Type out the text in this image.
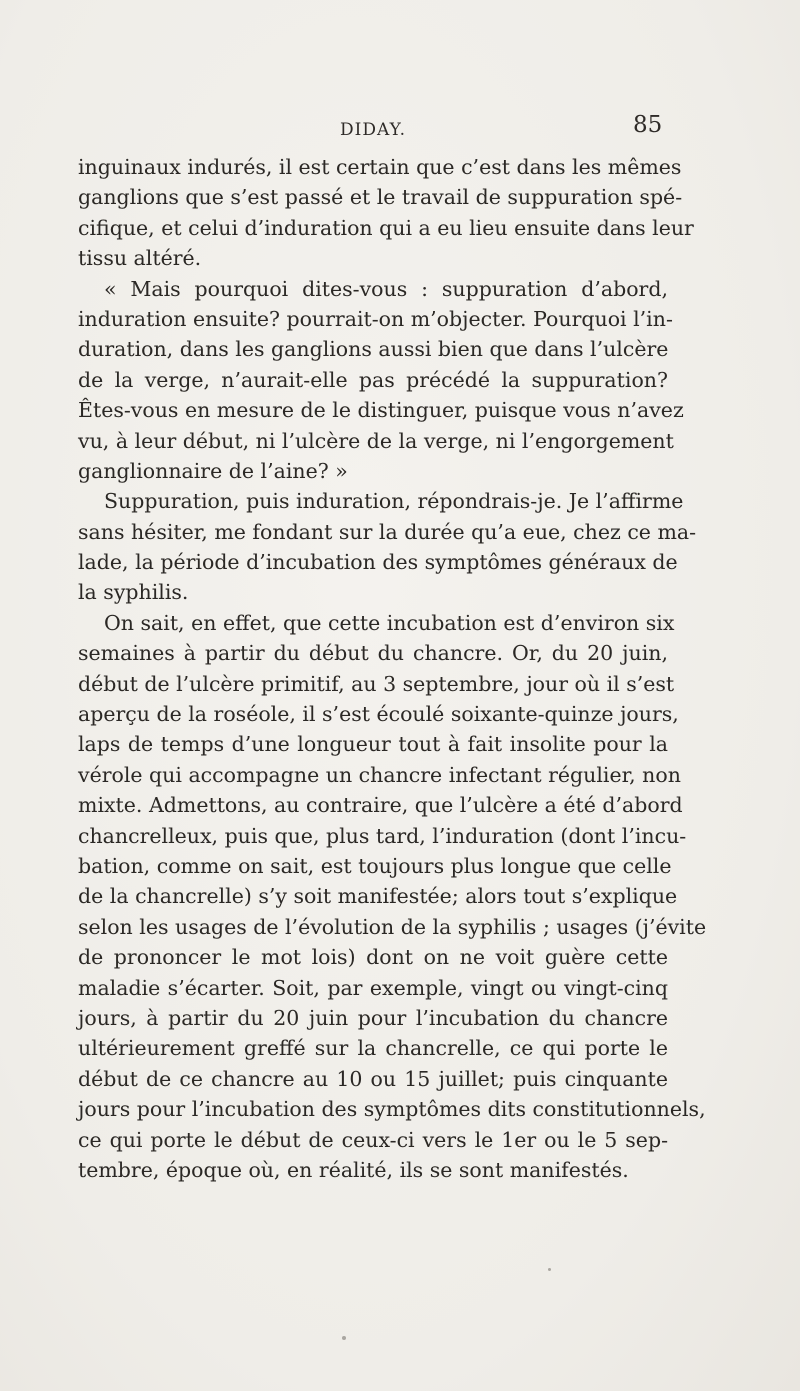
DIDAY.	85
inguinaux indurés, il est certain que c’est dans les mêmes
ganglions que s’est passé et le travail de suppuration spé-
cifique, et celui d’induration qui a eu lieu ensuite dans leur
tissu altéré.
« Mais pourquoi dites-vous : suppuration d’abord,
induration ensuite? pourrait-on m’objecter. Pourquoi l’in-
duration, dans les ganglions aussi bien que dans l’ulcère
de la verge, n’aurait-elle pas précédé la suppuration?
Êtes-vous en mesure de le distinguer, puisque vous n’avez
vu, à leur début, ni l’ulcère de la verge, ni l’engorgement
ganglionnaire de l’aine? »
Suppuration, puis induration, répondrais-je. Je l’affirme
sans hésiter, me fondant sur la durée qu’a eue, chez ce ma-
lade, la période d’incubation des symptômes généraux de
la syphilis.
On sait, en effet, que cette incubation est d’environ six
semaines à partir du début du chancre. Or, du 20 juin,
début de l’ulcère primitif, au 3 septembre, jour où il s’est
aperçu de la roséole, il s’est écoulé soixante-quinze jours,
laps de temps d’une longueur tout à fait insolite pour la
vérole qui accompagne un chancre infectant régulier, non
mixte. Admettons, au contraire, que l’ulcère a été d’abord
chancrelleux, puis que, plus tard, l’induration (dont l’incu-
bation, comme on sait, est toujours plus longue que celle
de la chancrelle) s’y soit manifestée; alors tout s’explique
selon les usages de l’évolution de la syphilis ; usages (j’évite
de prononcer le mot lois) dont on ne voit guère cette
maladie s’écarter. Soit, par exemple, vingt ou vingt-cinq
jours, à partir du 20 juin pour l’incubation du chancre
ultérieurement greffé sur la chancrelle, ce qui porte le
début de ce chancre au 10 ou 15 juillet; puis cinquante
jours pour l’incubation des symptômes dits constitutionnels,
ce qui porte le début de ceux-ci vers le 1er ou le 5 sep-
tembre, époque où, en réalité, ils se sont manifestés.
